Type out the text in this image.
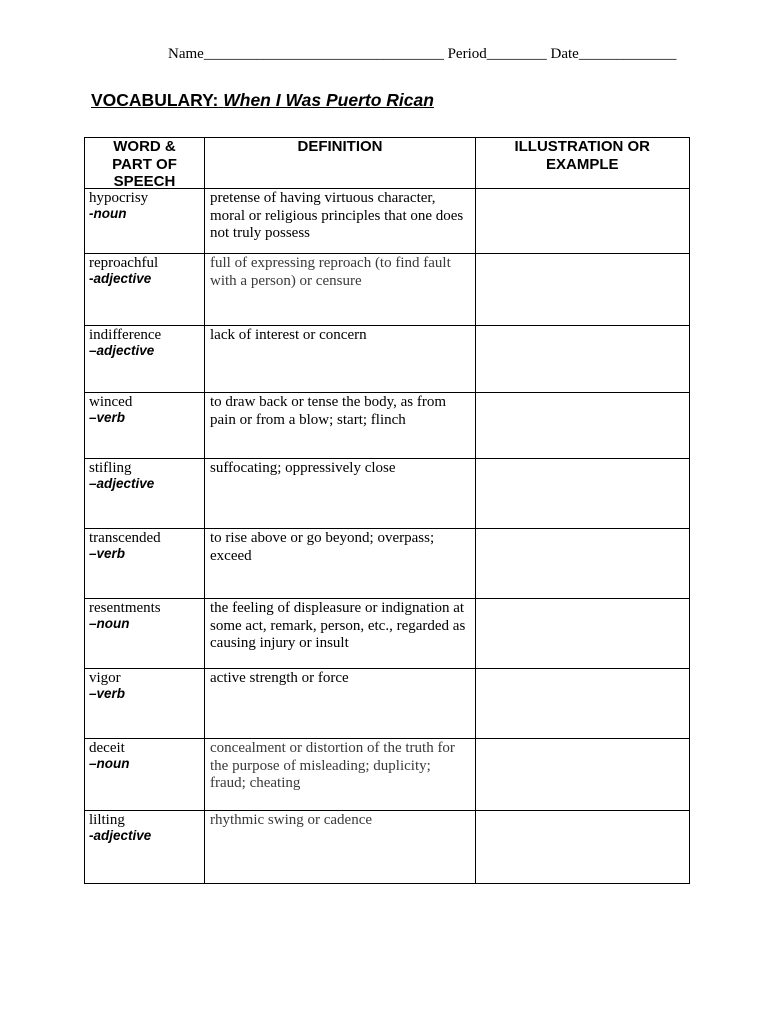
Name________________________________ Period________ Date_____________
VOCABULARY: When I Was Puerto Rican
WORD & PART OF SPEECH
DEFINITION	ILLUSTRATION OR EXAMPLE
hypocrisy
-noun
pretense of having virtuous character,
moral or religious principles that one does
not truly possess
reproachful
-adjective
full of expressing reproach (to find fault
with a person) or censure
indifference
–adjective
lack of interest or concern
winced
–verb
to draw back or tense the body, as from
pain or from a blow; start; flinch
stifling
–adjective
suffocating; oppressively close
transcended
–verb
to rise above or go beyond; overpass;
exceed
resentments
–noun
the feeling of displeasure or indignation at
some act, remark, person, etc., regarded as
causing injury or insult
vigor
–verb
active strength or force
deceit
–noun
concealment or distortion of the truth for
the purpose of misleading; duplicity;
fraud; cheating
lilting
-adjective
rhythmic swing or cadence
